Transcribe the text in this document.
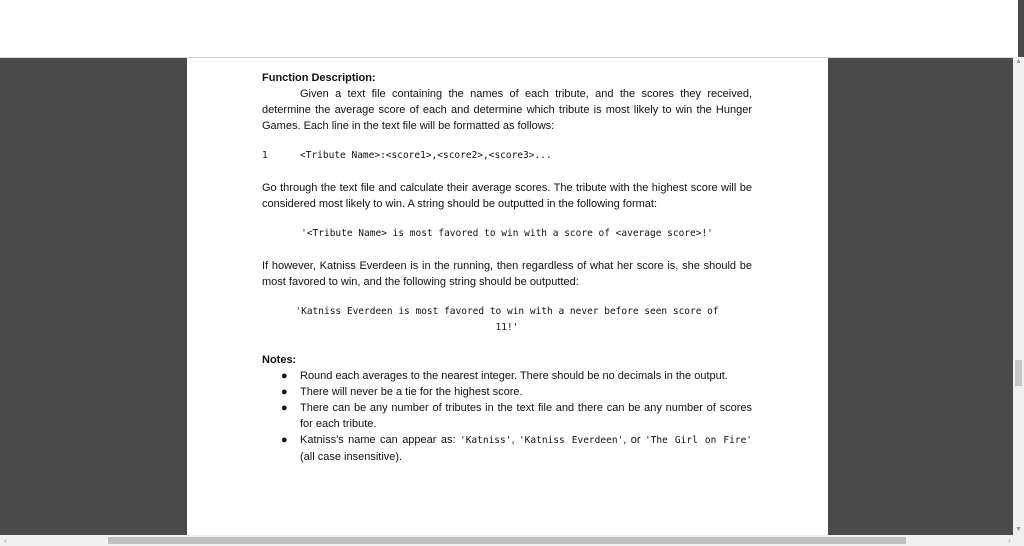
Function Description:

Given a text file containing the names of each tribute, and the scores they received, determine the average score of each and determine which tribute is most likely to win the Hunger Games. Each line in the text file will be formatted as follows:

1	<Tribute Name>:<score1>,<score2>,<score3>...

Go through the text file and calculate their average scores. The tribute with the highest score will be considered most likely to win. A string should be outputted in the following format:

'<Tribute Name> is most favored to win with a score of <average score>!'

If however, Katniss Everdeen is in the running, then regardless of what her score is, she should be most favored to win, and the following string should be outputted:

'Katniss Everdeen is most favored to win with a never before seen score of
11!'

Notes:

● Round each averages to the nearest integer. There should be no decimals in the output.
● There will never be a tie for the highest score.
● There can be any number of tributes in the text file and there can be any number of scores for each tribute.
● Katniss's name can appear as: 'Katniss', 'Katniss Everdeen', or 'The Girl on Fire' (all case insensitive).
▲
▼
‹	›
